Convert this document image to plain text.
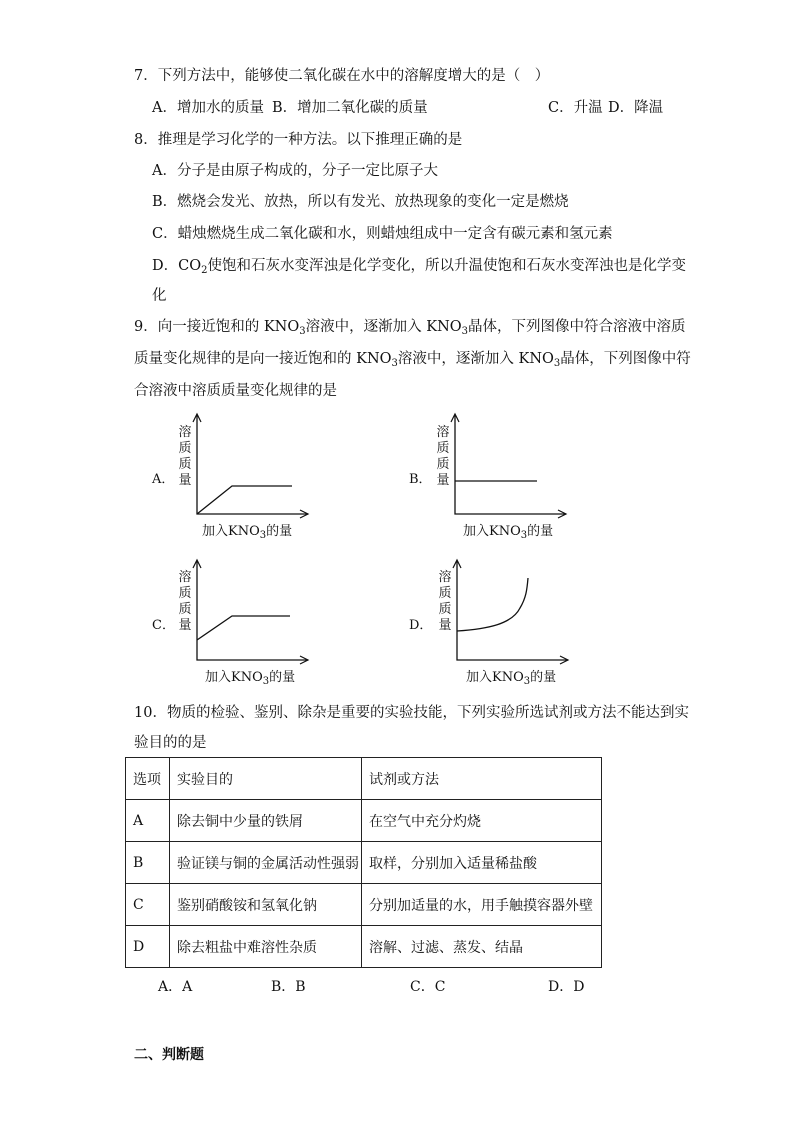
7．下列方法中，能够使二氧化碳在水中的溶解度增大的是（　）
A．增加水的质量 B．增加二氧化碳的质量	C．升温 D．降温
8．推理是学习化学的一种方法。以下推理正确的是
A．分子是由原子构成的，分子一定比原子大
B．燃烧会发光、放热，所以有发光、放热现象的变化一定是燃烧
C．蜡烛燃烧生成二氧化碳和水，则蜡烛组成中一定含有碳元素和氢元素
D．$CO_2$使饱和石灰水变浑浊是化学变化，所以升温使饱和石灰水变浑浊也是化学变
化
9．向一接近饱和的 $KNO_3$溶液中，逐渐加入 $KNO_3$晶体，下列图像中符合溶液中溶质
质量变化规律的是向一接近饱和的 $KNO_3$溶液中，逐渐加入 $KNO_3$晶体，下列图像中符
合溶液中溶质质量变化规律的是
A．
溶
质
质
量
加入$KNO_3$的量
B．
溶
质
质
量
加入$KNO_3$的量
C．
溶
质
质
量
加入$KNO_3$的量
D．
溶
质
质
量
加入$KNO_3$的量
10．物质的检验、鉴别、除杂是重要的实验技能，下列实验所选试剂或方法不能达到实
验目的的是
选项	实验目的	试剂或方法
A	除去铜中少量的铁屑	在空气中充分灼烧
B	验证镁与铜的金属活动性强弱	取样，分别加入适量稀盐酸
C	鉴别硝酸铵和氢氧化钠	分别加适量的水，用手触摸容器外壁
D	除去粗盐中难溶性杂质	溶解、过滤、蒸发、结晶
A．A	B．B	C．C	D．D
二、判断题
